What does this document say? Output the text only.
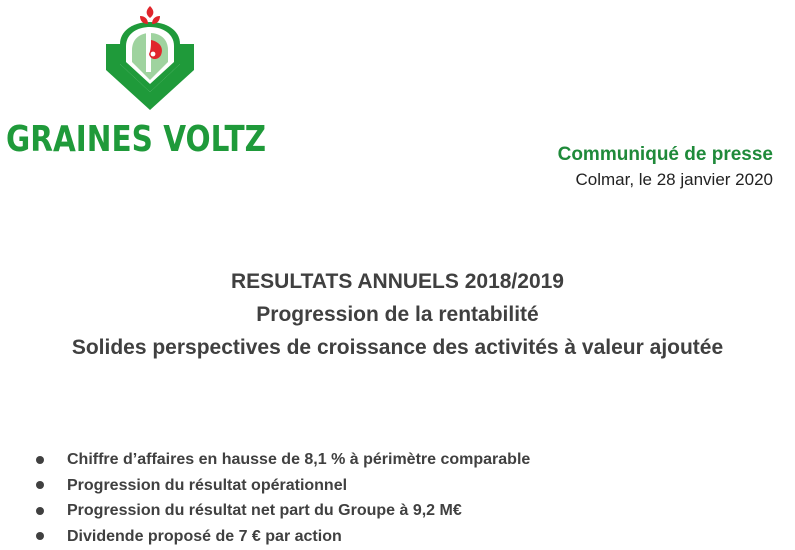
GRAINES VOLTZ	Communiqué de presse
Colmar, le 28 janvier 2020
RESULTATS ANNUELS 2018/2019
Progression de la rentabilité
Solides perspectives de croissance des activités à valeur ajoutée
Chiffre d’affaires en hausse de 8,1 % à périmètre comparable
Progression du résultat opérationnel
Progression du résultat net part du Groupe à 9,2 M€
Dividende proposé de 7 € par action
